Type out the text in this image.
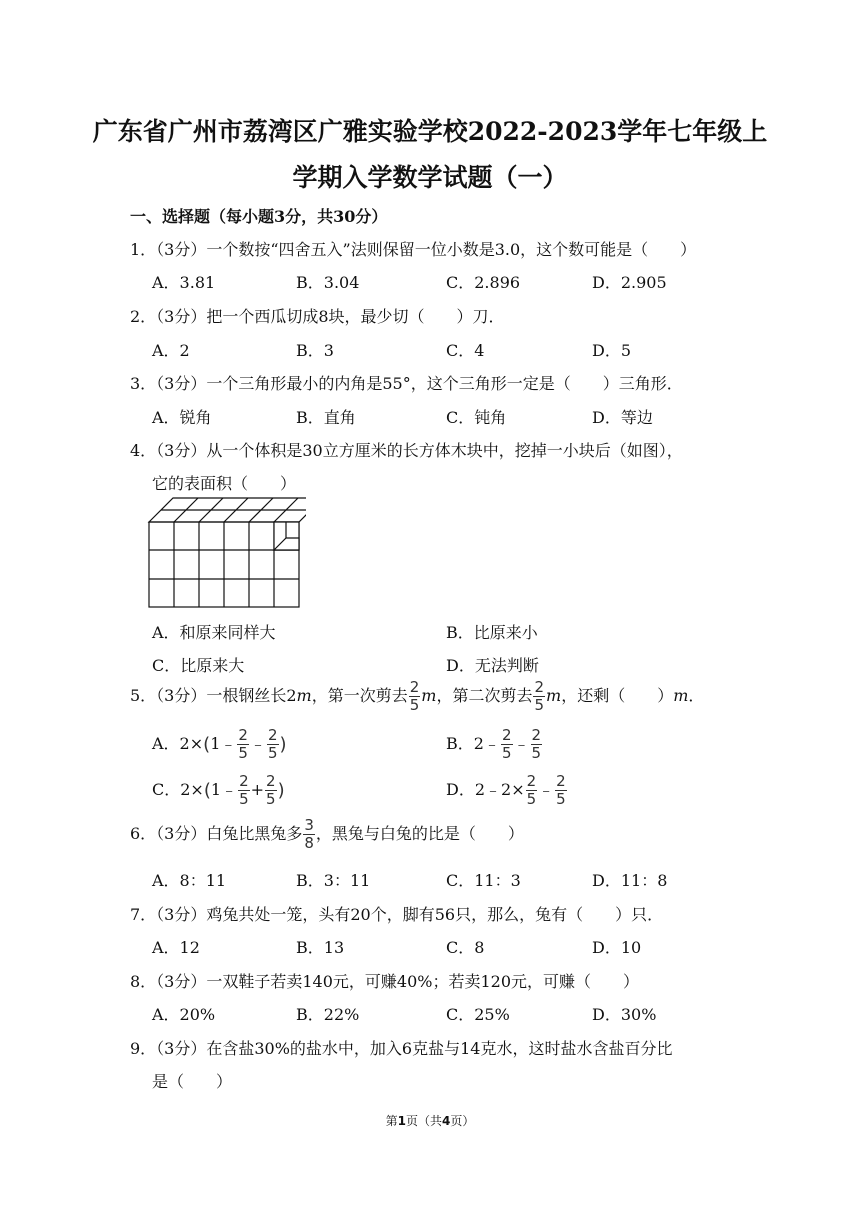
广东省广州市荔湾区广雅实验学校2022-2023学年七年级上
学期入学数学试题（一）
一、选择题（每小题3分，共30分）
1．（3分）一个数按“四舍五入”法则保留一位小数是3.0，这个数可能是（　　）
A．3.81	B．3.04	C．2.896	D．2.905
2．（3分）把一个西瓜切成8块，最少切（　　）刀．
A．2	B．3	C．4	D．5
3．（3分）一个三角形最小的内角是55°，这个三角形一定是（　　）三角形．
A．锐角	B．直角	C．钝角	D．等边
4．（3分）从一个体积是30立方厘米的长方体木块中，挖掉一小块后（如图），
它的表面积（　　）
A．和原来同样大	B．比原来小
C．比原来大	D．无法判断
5．（3分）一根钢丝长2m，第一次剪去 $\frac{2}{5}$ m，第二次剪去 $\frac{2}{5}$ m，还剩（　　）m．
A．2×(1﹣ $\frac{2}{5}$ ﹣ $\frac{2}{5}$ )	B．2﹣ $\frac{2}{5}$ ﹣ $\frac{2}{5}$
C．2×(1﹣ $\frac{2}{5} + \frac{2}{5}$ )	D．2﹣2× $\frac{2}{5}$ ﹣ $\frac{2}{5}$
6．（3分）白兔比黑兔多 $\frac{3}{8}$ ，黑兔与白兔的比是（　　）
A．8：11	B．3：11	C．11：3	D．11：8
7．（3分）鸡兔共处一笼，头有20个，脚有56只，那么，兔有（　　）只．
A．12	B．13	C．8	D．10
8．（3分）一双鞋子若卖140元，可赚40%；若卖120元，可赚（　　）
A．20%	B．22%	C．25%	D．30%
9．（3分）在含盐30%的盐水中，加入6克盐与14克水，这时盐水含盐百分比
是（　　）
第1页（共4页）
